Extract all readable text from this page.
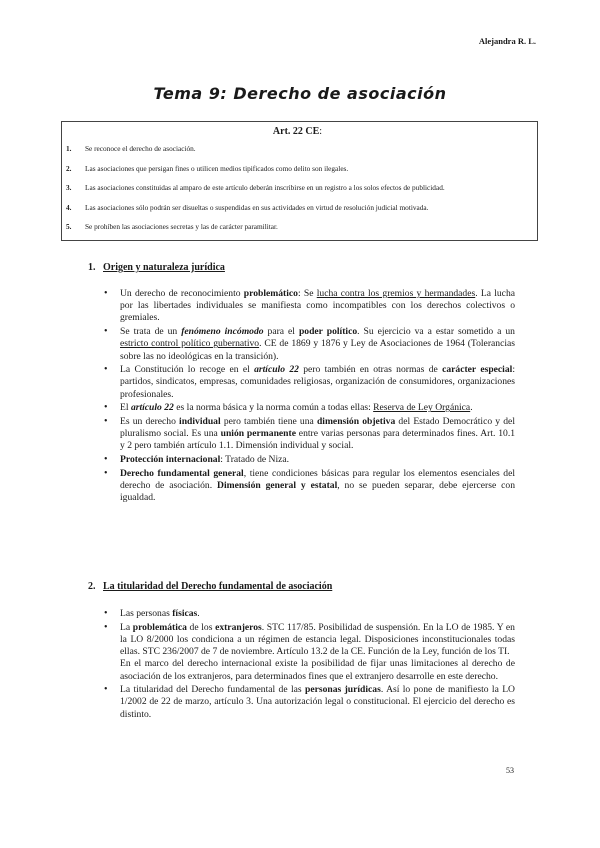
Alejandra R. L.
Tema 9: Derecho de asociación
Art. 22 CE:
1.	Se reconoce el derecho de asociación.
2.	Las asociaciones que persigan fines o utilicen medios tipificados como delito son ilegales.
3.	Las asociaciones constituidas al amparo de este artículo deberán inscribirse en un registro a los solos efectos de publicidad.
4.	Las asociaciones sólo podrán ser disueltas o suspendidas en sus actividades en virtud de resolución judicial motivada.
5.	Se prohíben las asociaciones secretas y las de carácter paramilitar.
1. Origen y naturaleza jurídica
• Un derecho de reconocimiento problemático: Se lucha contra los gremios y hermandades. La lucha por las libertades individuales se manifiesta como incompatibles con los derechos colectivos o gremiales.
• Se trata de un fenómeno incómodo para el poder político. Su ejercicio va a estar sometido a un estricto control político gubernativo. CE de 1869 y 1876 y Ley de Asociaciones de 1964 (Tolerancias sobre las no ideológicas en la transición).
• La Constitución lo recoge en el artículo 22 pero también en otras normas de carácter especial: partidos, sindicatos, empresas, comunidades religiosas, organización de consumidores, organizaciones profesionales.
• El artículo 22 es la norma básica y la norma común a todas ellas: Reserva de Ley Orgánica.
• Es un derecho individual pero también tiene una dimensión objetiva del Estado Democrático y del pluralismo social. Es una unión permanente entre varias personas para determinados fines. Art. 10.1 y 2 pero también artículo 1.1. Dimensión individual y social.
• Protección internacional: Tratado de Niza.
• Derecho fundamental general, tiene condiciones básicas para regular los elementos esenciales del derecho de asociación. Dimensión general y estatal, no se pueden separar, debe ejercerse con igualdad.
2. La titularidad del Derecho fundamental de asociación
• Las personas físicas.
• La problemática de los extranjeros. STC 117/85. Posibilidad de suspensión. En la LO de 1985. Y en la LO 8/2000 los condiciona a un régimen de estancia legal. Disposiciones inconstitucionales todas ellas. STC 236/2007 de 7 de noviembre. Artículo 13.2 de la CE. Función de la Ley, función de los TI.
En el marco del derecho internacional existe la posibilidad de fijar unas limitaciones al derecho de asociación de los extranjeros, para determinados fines que el extranjero desarrolle en este derecho.
• La titularidad del Derecho fundamental de las personas jurídicas. Así lo pone de manifiesto la LO 1/2002 de 22 de marzo, artículo 3. Una autorización legal o constitucional. El ejercicio del derecho es distinto.
53
